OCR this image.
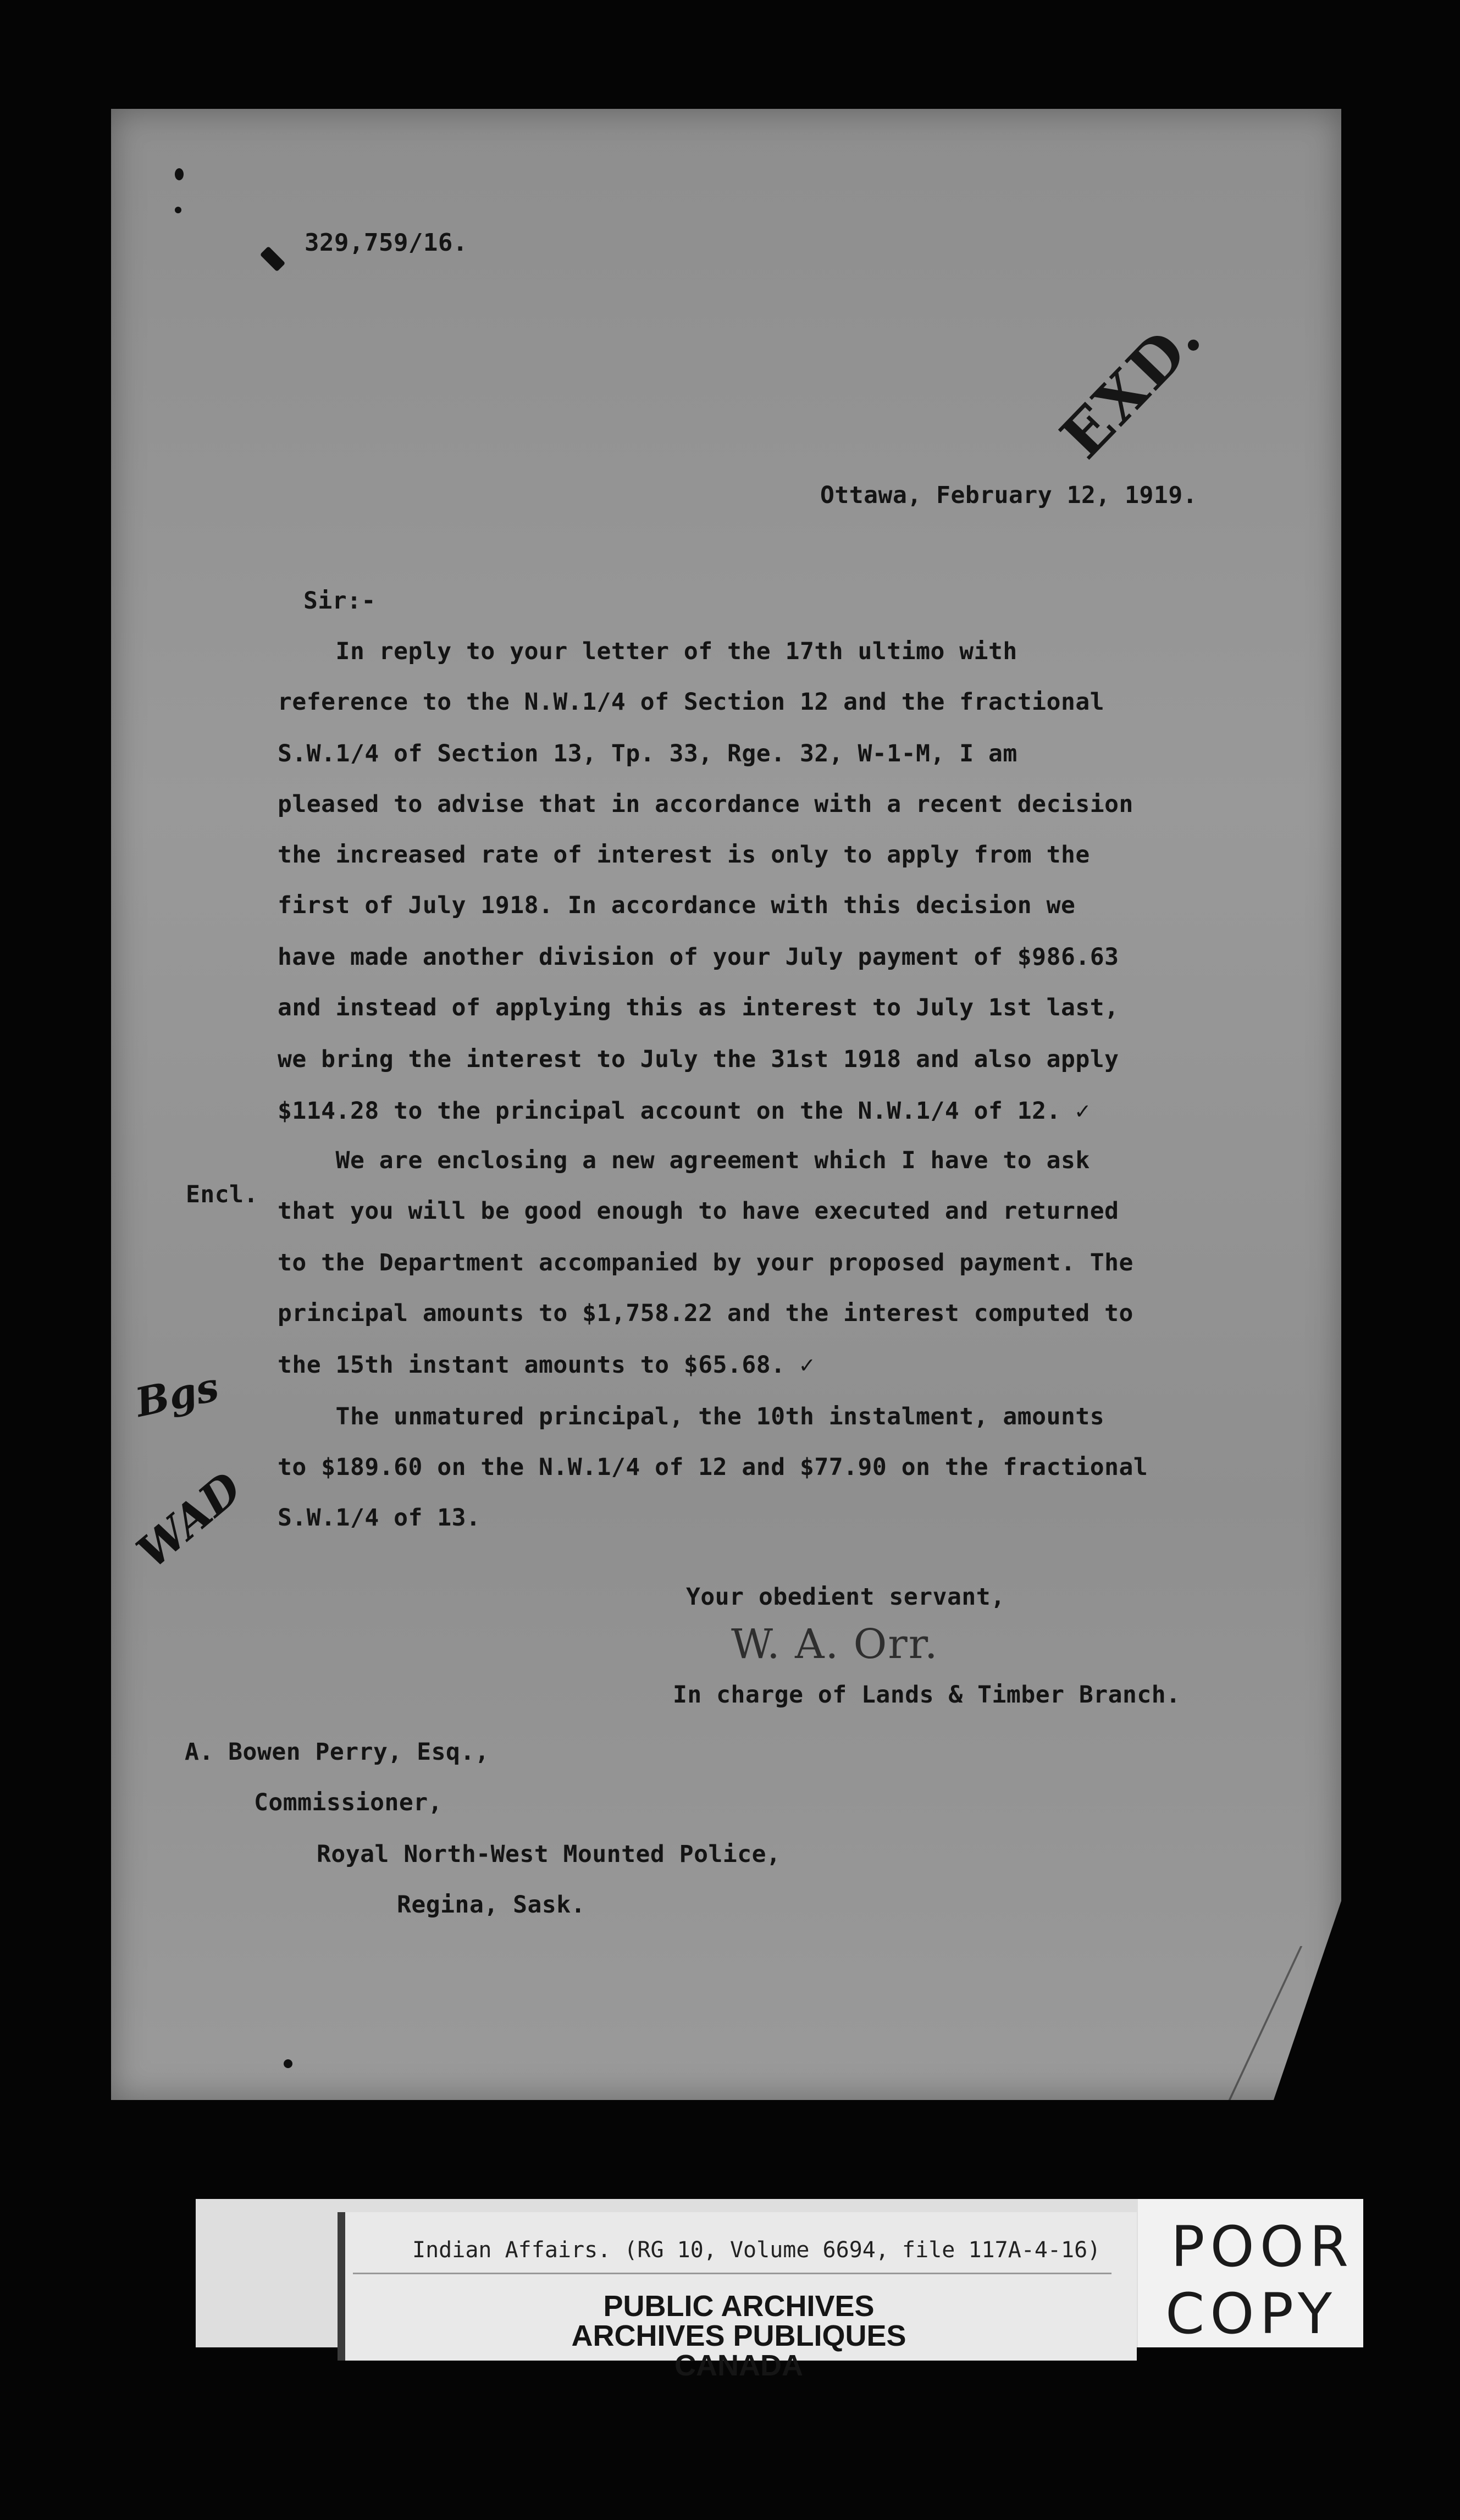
329,759/16.

EXD.

Ottawa, February 12, 1919.

Sir:-

In reply to your letter of the 17th ultimo with

reference to the N.W.1/4 of Section 12 and the fractional

S.W.1/4 of Section 13, Tp. 33, Rge. 32, W-1-M, I am

pleased to advise that in accordance with a recent decision

the increased rate of interest is only to apply from the

first of July 1918. In accordance with this decision we

have made another division of your July payment of $986.63

and instead of applying this as interest to July 1st last,

we bring the interest to July the 31st 1918 and also apply

$114.28 to the principal account on the N.W.1/4 of 12. ✓

We are enclosing a new agreement which I have to ask

that you will be good enough to have executed and returned

to the Department accompanied by your proposed payment. The

principal amounts to $1,758.22 and the interest computed to

the 15th instant amounts to $65.68. ✓

The unmatured principal, the 10th instalment, amounts

to $189.60 on the N.W.1/4 of 12 and $77.90 on the fractional

S.W.1/4 of 13.

Encl.

Bgs
WAD

Your obedient servant,

W. A. Orr.

In charge of Lands & Timber Branch.

A. Bowen Perry, Esq.,

Commissioner,

Royal North-West Mounted Police,

Regina, Sask.

Indian Affairs. (RG 10, Volume 6694, file 117A-4-16)

PUBLIC ARCHIVES

ARCHIVES PUBLIQUES

CANADA

POOR

COPY
